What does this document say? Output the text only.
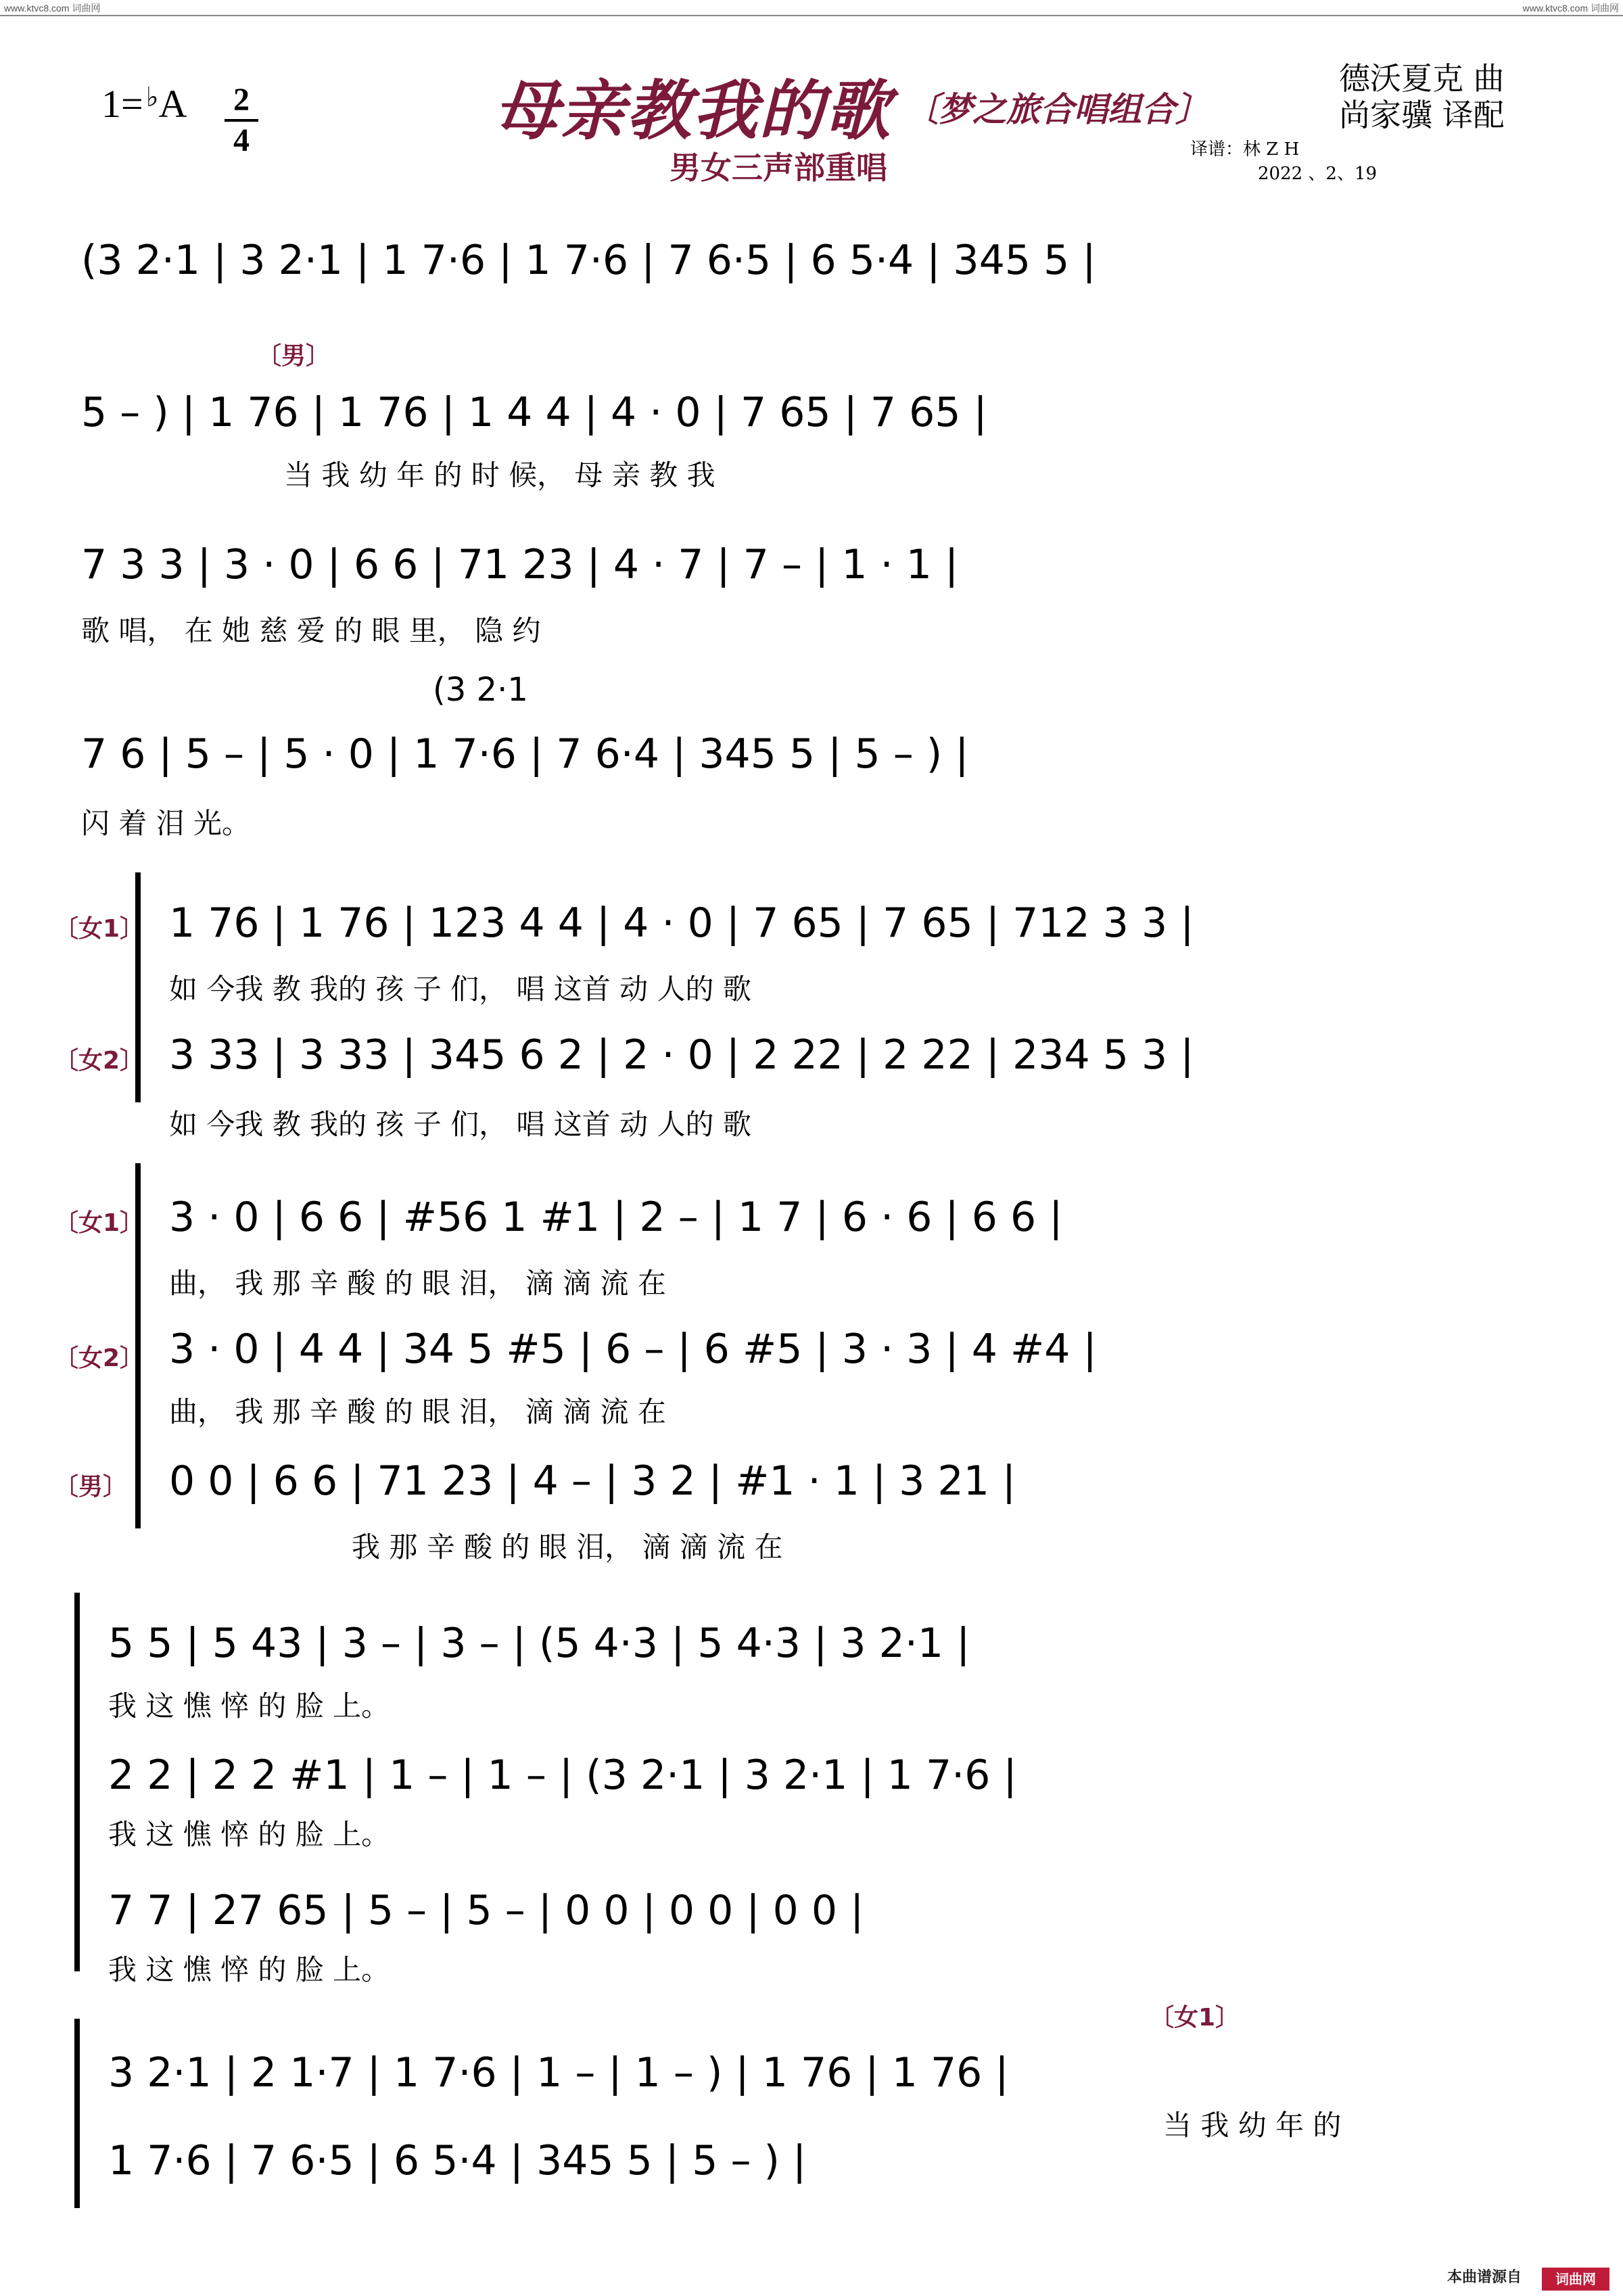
www.ktvc8.com 词曲网	www.ktvc8.com 词曲网
1= ♭A 2
4	母亲教我的歌 〔梦之旅合唱组合〕
男女三声部重唱
德沃夏克 曲
尚家骥 译配
译谱：林 Z H
2022 、2、19
(3 2·1 | 3 2·1 | 1 7·6 | 1 7·6 | 7 6·5 | 6 5·4 | 345 5 |
〔男〕
5 – ) | 1 76 | 1 76 | 1 4 4 | 4 · 0 | 7 65 | 7 65 |
当 我 幼 年 的 时 候， 母 亲 教 我
7 3 3 | 3 · 0 | 6 6 | 71 23 | 4 · 7 | 7 – | 1 · 1 |
歌 唱， 在 她 慈 爱 的 眼 里， 隐 约
(3 2·1
7 6 | 5 – | 5 · 0 | 1 7·6 | 7 6·4 | 345 5 | 5 – ) |
闪 着 泪 光。
〔女1〕
〔女2〕
1 76 | 1 76 | 123 4 4 | 4 · 0 | 7 65 | 7 65 | 712 3 3 |
如 今我 教 我的 孩 子 们， 唱 这首 动 人的 歌
3 33 | 3 33 | 345 6 2 | 2 · 0 | 2 22 | 2 22 | 234 5 3 |
如 今我 教 我的 孩 子 们， 唱 这首 动 人的 歌
〔女1〕
〔女2〕
〔男〕
3 · 0 | 6 6 | #56 1 #1 | 2 – | 1 7 | 6 · 6 | 6 6 |
曲， 我 那 辛 酸 的 眼 泪， 滴 滴 流 在
3 · 0 | 4 4 | 34 5 #5 | 6 – | 6 #5 | 3 · 3 | 4 #4 |
曲， 我 那 辛 酸 的 眼 泪， 滴 滴 流 在
0 0 | 6 6 | 71 23 | 4 – | 3 2 | #1 · 1 | 3 21 |
我 那 辛 酸 的 眼 泪， 滴 滴 流 在
5 5 | 5 43 | 3 – | 3 – | (5 4·3 | 5 4·3 | 3 2·1 |
我 这 憔 悴 的 脸 上。
2 2 | 2 2 #1 | 1 – | 1 – | (3 2·1 | 3 2·1 | 1 7·6 |
我 这 憔 悴 的 脸 上。
7 7 | 27 65 | 5 – | 5 – | 0 0 | 0 0 | 0 0 |
我 这 憔 悴 的 脸 上。
〔女1〕
3 2·1 | 2 1·7 | 1 7·6 | 1 – | 1 – ) | 1 76 | 1 76 |
当 我 幼 年 的
1 7·6 | 7 6·5 | 6 5·4 | 345 5 | 5 – ) |
本曲谱源自	词曲网
